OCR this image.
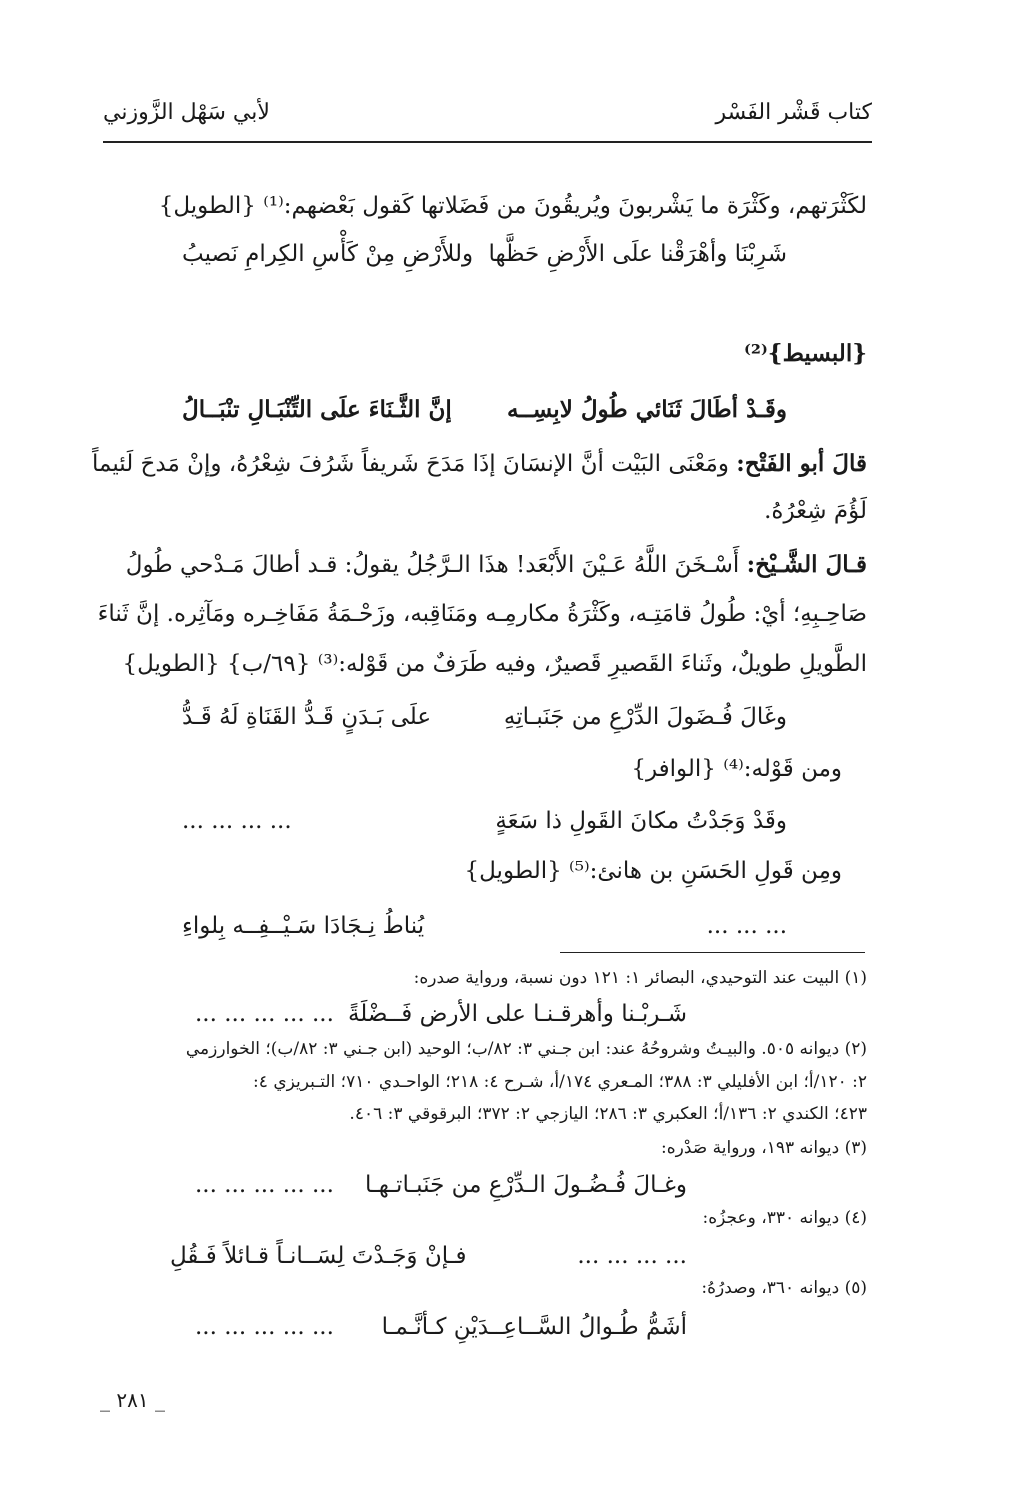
كتاب قَشْر الفَسْر
لأبي سَهْل الزَّوزني
لكَثْرَتهم، وكَثْرَة ما يَشْربونَ ويُريقُونَ من فَضَلاتها كَقول بَعْضهم:⁽¹⁾ {الطويل}
شَرِبْنَا وأهْرَقْنا علَى الأَرْضِ حَظَّها
وللأَرْضِ مِنْ كَأْسِ الكِرامِ نَصيبُ
{البسيط}⁽²⁾
وقَـدْ أطَالَ ثَنَائي طُولُ لابِسِــه
إنَّ الثَّـنَاءَ علَى التِّنْبَـالِ تنْبَــالُ
قالَ أبو الفَتْح: ومَعْنَى البَيْت أنَّ الإنسَانَ إذَا مَدَحَ شَريفاً شَرُفَ شِعْرُهُ، وإنْ مَدحَ لَئيماً
لَؤُمَ شِعْرُهُ.
قـالَ الشَّـيْخ: أَسْـخَنَ اللَّهُ عَـيْنَ الأَبْعَد! هذَا الـرَّجُلُ يقولُ: قـد أطالَ مَـدْحي طُولُ
صَاحِـبِهِ؛ أيْ: طُولُ قامَتِـه، وكَثْرَةُ مكارمِـه ومَنَاقِبه، وزَحْـمَةُ مَفَاخِـره ومَآثِره. إنَّ ثَناءَ
الطَّويلِ طويلٌ، وثَناءَ القَصيرِ قَصيرٌ، وفيه طَرَفٌ من قَوْله:⁽³⁾ {٦٩/ب} {الطويل}
وغَالَ فُـضَولَ الدِّرْعِ من جَنَبـاتِهِ
علَى بَـدَنٍ قَـدُّ القَنَاةِ لَهُ قَـدُّ
ومن قَوْله:⁽⁴⁾ {الوافر}
وقَدْ وَجَدْتُ مكانَ القَولِ ذا سَعَةٍ
... ... ... ...
ومِن قَولِ الحَسَنِ بن هانئ:⁽⁵⁾ {الطويل}
... ... ...
يُناطُ نِـجَادَا سَـيْــفِــه بِلواءِ
(١) البيت عند التوحيدي، البصائر ١: ١٢١ دون نسبة، ورواية صدره:
شَـربْـنا وأهرقـنـا على الأرض فَــضْلَةً
... ... ... ... ...
(٢) ديوانه ٥٠٥. والبيـتُ وشروحُهُ عند: ابن جـني ٣: ٨٢/ب؛ الوحيد (ابن جـني ٣: ٨٢/ب)؛ الخوارزمي
٢: ١٢٠/أ؛ ابن الأفليلي ٣: ٣٨٨؛ المـعري ١٧٤/أ، شـرح ٤: ٢١٨؛ الواحـدي ٧١٠؛ التـبريزي ٤:
٤٢٣؛ الكندي ٢: ١٣٦/أ؛ العكبري ٣: ٢٨٦؛ اليازجي ٢: ٣٧٢؛ البرقوقي ٣: ٤٠٦.
(٣) ديوانه ١٩٣، ورواية صَدْره:
وغـالَ فُـضُـولَ الـدِّرْعِ من جَنَبـاتـهـا
... ... ... ... ...
(٤) ديوانه ٣٣٠، وعجزُه:
... ... ... ...
فـإنْ وَجَـدْتَ لِسَــانـاً قـائلاً فَـقُلِ
(٥) ديوانه ٣٦٠، وصدرُهُ:
أشَمُّ طُـوالُ السَّــاعِــدَيْنِ كـأنَّـمـا
... ... ... ... ...
_ ٢٨١ _
